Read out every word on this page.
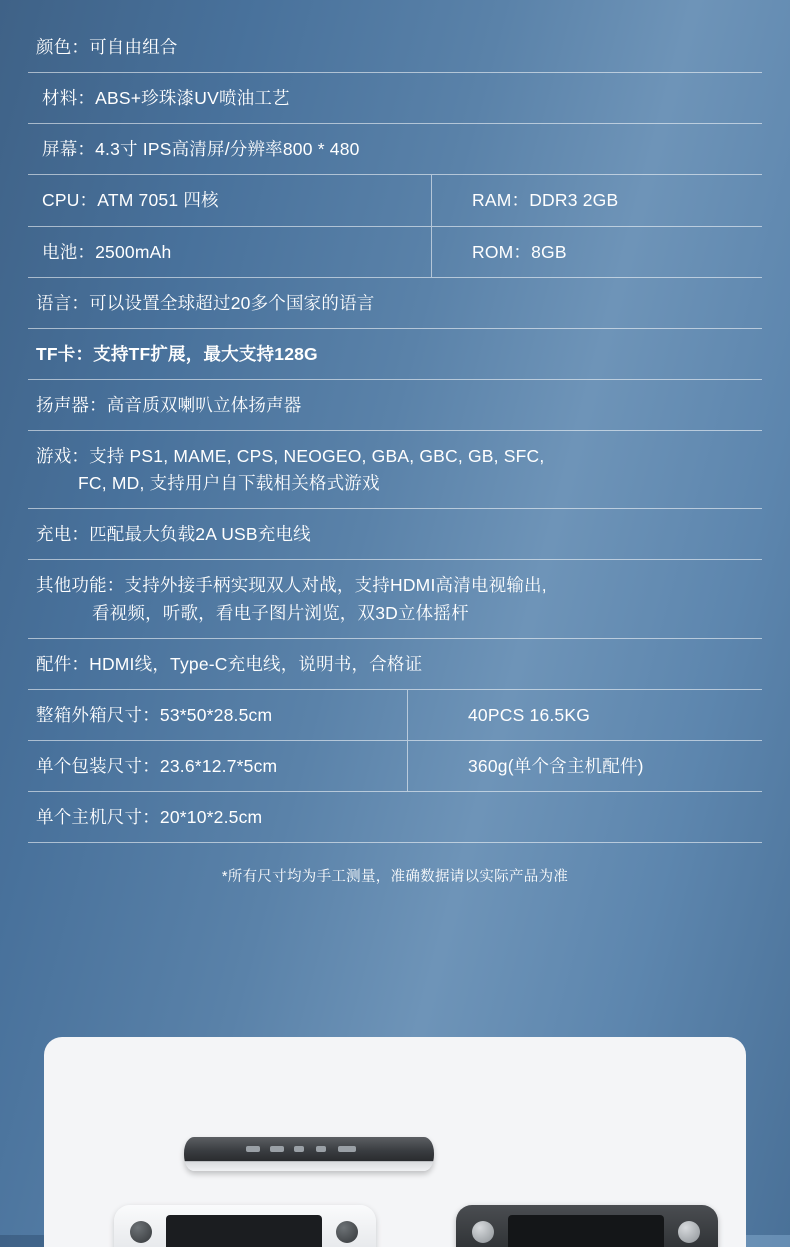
颜色：可自由组合
材料：ABS+珍珠漆UV喷油工艺
屏幕：4.3寸 IPS高清屏/分辨率800 * 480
CPU：ATM 7051 四核	RAM：DDR3 2GB
电池：2500mAh	ROM：8GB
语言：可以设置全球超过20多个国家的语言
TF卡：支持TF扩展，最大支持128G
扬声器：高音质双喇叭立体扬声器
游戏：支持 PS1, MAME, CPS, NEOGEO, GBA, GBC, GB, SFC,
FC, MD, 支持用户自下载相关格式游戏
充电：匹配最大负载2A USB充电线
其他功能：支持外接手柄实现双人对战，支持HDMI高清电视输出,
看视频，听歌，看电子图片浏览，双3D立体摇杆
配件：HDMI线，Type-C充电线，说明书，合格证
整箱外箱尺寸：53*50*28.5cm	40PCS 16.5KG
单个包装尺寸：23.6*12.7*5cm	360g(单个含主机配件)
单个主机尺寸：20*10*2.5cm
*所有尺寸均为手工测量，准确数据请以实际产品为准
